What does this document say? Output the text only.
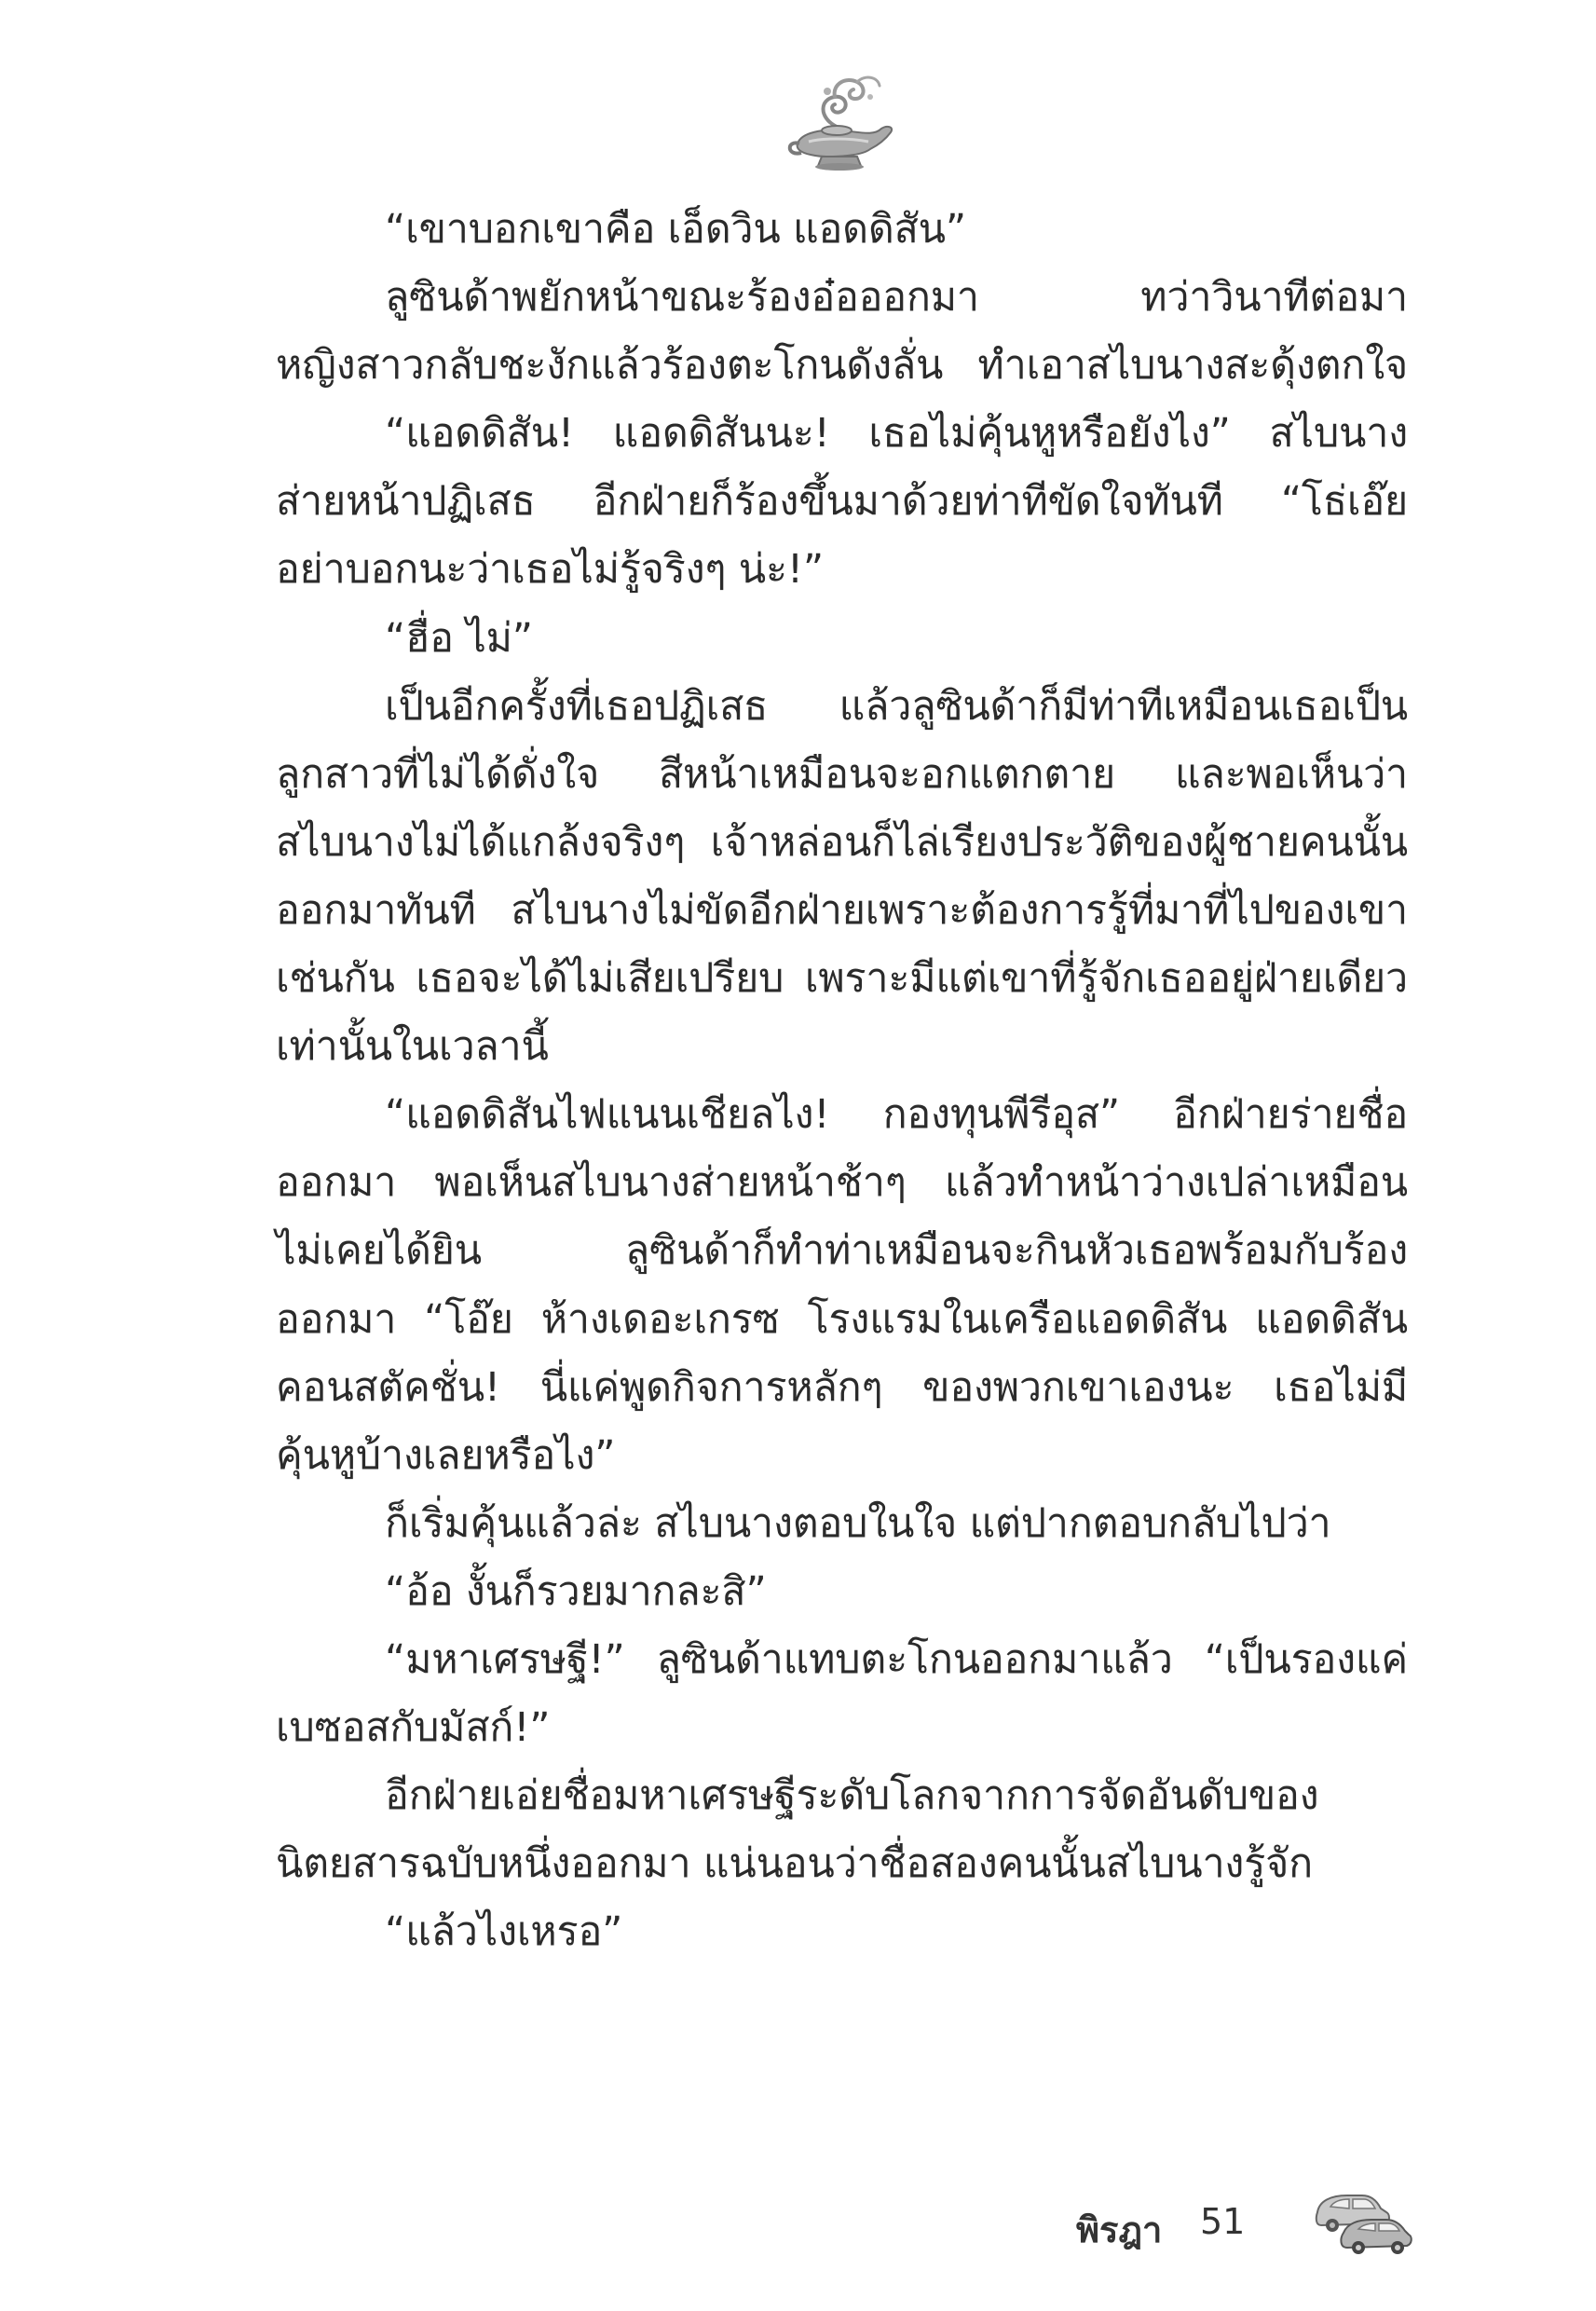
“เขาบอกเขาคือ เอ็ดวิน แอดดิสัน”
ลูซินด้าพยักหน้าขณะร้องอ๋อออกมา ทว่าวินาทีต่อมา
หญิงสาวกลับชะงักแล้วร้องตะโกนดังลั่น ทำเอาสไบนางสะดุ้งตกใจ
“แอดดิสัน! แอดดิสันนะ! เธอไม่คุ้นหูหรือยังไง” สไบนาง
ส่ายหน้าปฏิเสธ อีกฝ่ายก็ร้องขึ้นมาด้วยท่าทีขัดใจทันที “โธ่เอ๊ย
อย่าบอกนะว่าเธอไม่รู้จริงๆ น่ะ!”
“ฮื่อ ไม่”
เป็นอีกครั้งที่เธอปฏิเสธ แล้วลูซินด้าก็มีท่าทีเหมือนเธอเป็น
ลูกสาวที่ไม่ได้ดั่งใจ สีหน้าเหมือนจะอกแตกตาย และพอเห็นว่า
สไบนางไม่ได้แกล้งจริงๆ เจ้าหล่อนก็ไล่เรียงประวัติของผู้ชายคนนั้น
ออกมาทันที สไบนางไม่ขัดอีกฝ่ายเพราะต้องการรู้ที่มาที่ไปของเขา
เช่นกัน เธอจะได้ไม่เสียเปรียบ เพราะมีแต่เขาที่รู้จักเธออยู่ฝ่ายเดียว
เท่านั้นในเวลานี้
“แอดดิสันไฟแนนเชียลไง! กองทุนพีรีอุส” อีกฝ่ายร่ายชื่อ
ออกมา พอเห็นสไบนางส่ายหน้าช้าๆ แล้วทำหน้าว่างเปล่าเหมือน
ไม่เคยได้ยิน ลูซินด้าก็ทำท่าเหมือนจะกินหัวเธอพร้อมกับร้อง
ออกมา “โอ๊ย ห้างเดอะเกรซ โรงแรมในเครือแอดดิสัน แอดดิสัน
คอนสตัคชั่น! นี่แค่พูดกิจการหลักๆ ของพวกเขาเองนะ เธอไม่มี
คุ้นหูบ้างเลยหรือไง”
ก็เริ่มคุ้นแล้วล่ะ สไบนางตอบในใจ แต่ปากตอบกลับไปว่า
“อ้อ งั้นก็รวยมากละสิ”
“มหาเศรษฐี!” ลูซินด้าแทบตะโกนออกมาแล้ว “เป็นรองแค่
เบซอสกับมัสก์!”
อีกฝ่ายเอ่ยชื่อมหาเศรษฐีระดับโลกจากการจัดอันดับของ
นิตยสารฉบับหนึ่งออกมา แน่นอนว่าชื่อสองคนนั้นสไบนางรู้จัก
“แล้วไงเหรอ”
พิรฎา 51
